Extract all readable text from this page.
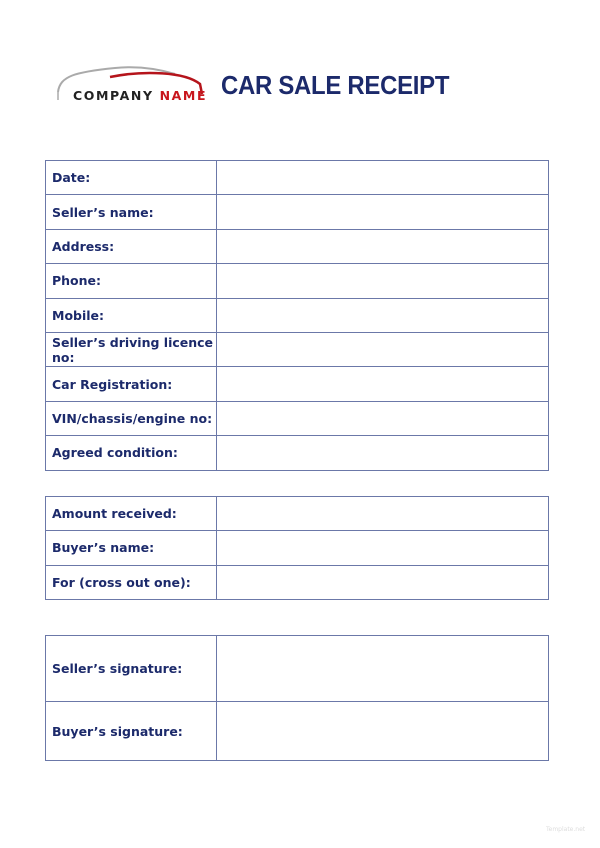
COMPANY NAME CAR SALE RECEIPT
Date:	
Seller’s name:	
Address:	
Phone:	
Mobile:	
Seller’s driving licence no:	
Car Registration:	
VIN/chassis/engine no:	
Agreed condition:	
Amount received:	
Buyer’s name:	
For (cross out one):	
Seller’s signature:	
Buyer’s signature:	
Template.net
